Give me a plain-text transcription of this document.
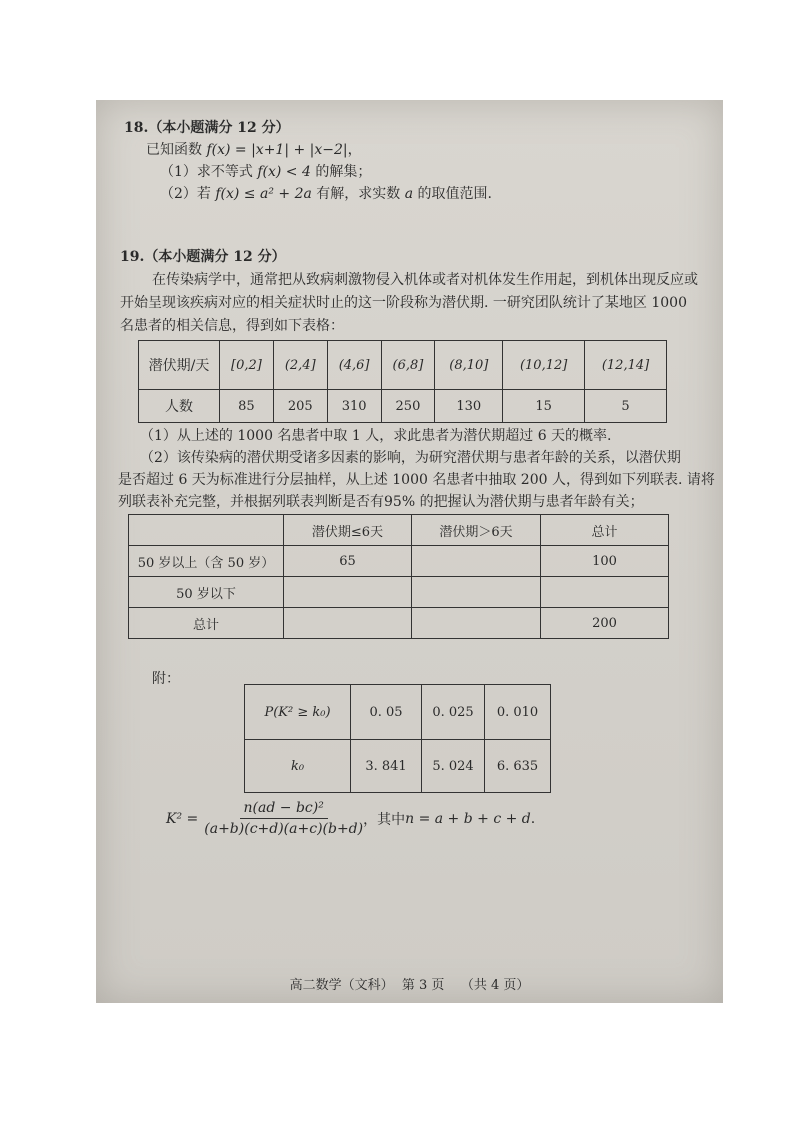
18.（本小题满分 12 分）
已知函数 f(x) = |x+1| + |x−2|，
（1）求不等式 f(x) < 4 的解集；
（2）若 f(x) ≤ a² + 2a 有解，求实数 a 的取值范围.
19.（本小题满分 12 分）
在传染病学中，通常把从致病刺激物侵入机体或者对机体发生作用起，到机体出现反应或
开始呈现该疾病对应的相关症状时止的这一阶段称为潜伏期. 一研究团队统计了某地区 1000
名患者的相关信息，得到如下表格：
潜伏期/天	[0,2]	(2,4]	(4,6]	(6,8]	(8,10]	(10,12]	(12,14]
人数	85	205	310	250	130	15	5
（1）从上述的 1000 名患者中取 1 人，求此患者为潜伏期超过 6 天的概率.
（2）该传染病的潜伏期受诸多因素的影响，为研究潜伏期与患者年龄的关系，以潜伏期
是否超过 6 天为标准进行分层抽样，从上述 1000 名患者中抽取 200 人，得到如下列联表. 请将
列联表补充完整，并根据列联表判断是否有95% 的把握认为潜伏期与患者年龄有关；
	潜伏期≤6天	潜伏期＞6天	总计
50 岁以上（含 50 岁）	65		100
50 岁以下			
总计			200
附：
P(K² ≥ k₀)	0. 05	0. 025	0. 010
k₀	3. 841	5. 024	6. 635
$K^2 = \frac{\text{n(ad − bc)²}}{(a+b)(c+d)(a+c)(b+d)}$ ，其中 n = a + b + c + d .
高二数学（文科）  第 3 页    （共 4 页）
